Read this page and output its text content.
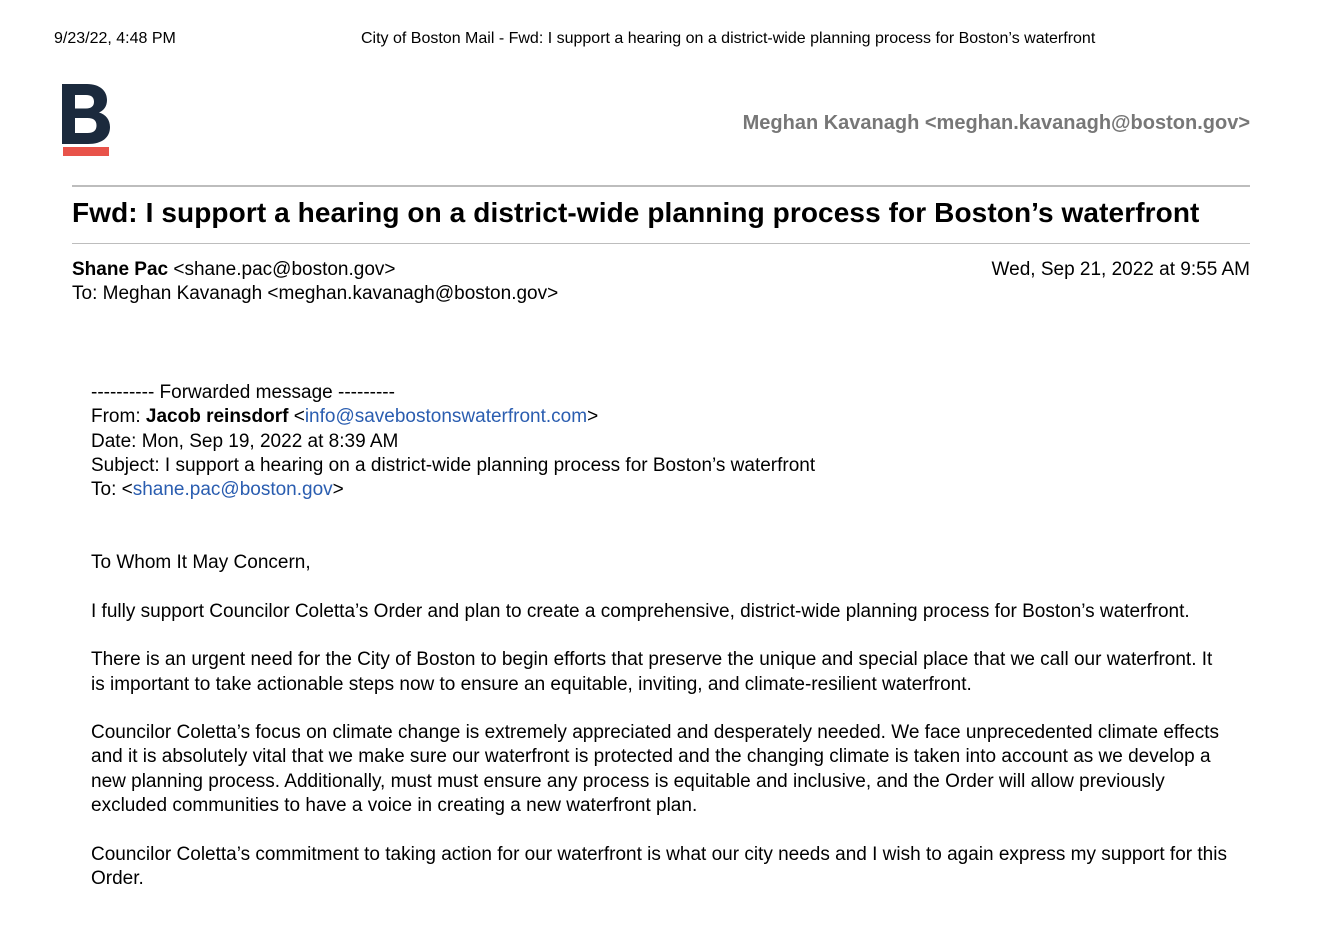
9/23/22, 4:48 PM	City of Boston Mail - Fwd: I support a hearing on a district-wide planning process for Boston’s waterfront
Meghan Kavanagh <meghan.kavanagh@boston.gov>
Fwd: I support a hearing on a district-wide planning process for Boston’s waterfront
Shane Pac <shane.pac@boston.gov>
To: Meghan Kavanagh <meghan.kavanagh@boston.gov>
Wed, Sep 21, 2022 at 9:55 AM
---------- Forwarded message ---------
From: Jacob reinsdorf <info@savebostonswaterfront.com>
Date: Mon, Sep 19, 2022 at 8:39 AM
Subject: I support a hearing on a district-wide planning process for Boston’s waterfront
To: <shane.pac@boston.gov>

To Whom It May Concern,

I fully support Councilor Coletta’s Order and plan to create a comprehensive, district-wide planning process for Boston’s waterfront.

There is an urgent need for the City of Boston to begin efforts that preserve the unique and special place that we call our waterfront. It is important to take actionable steps now to ensure an equitable, inviting, and climate-resilient waterfront.

Councilor Coletta’s focus on climate change is extremely appreciated and desperately needed. We face unprecedented climate effects and it is absolutely vital that we make sure our waterfront is protected and the changing climate is taken into account as we develop a new planning process. Additionally, must must ensure any process is equitable and inclusive, and the Order will allow previously excluded communities to have a voice in creating a new waterfront plan.

Councilor Coletta’s commitment to taking action for our waterfront is what our city needs and I wish to again express my support for this Order.
